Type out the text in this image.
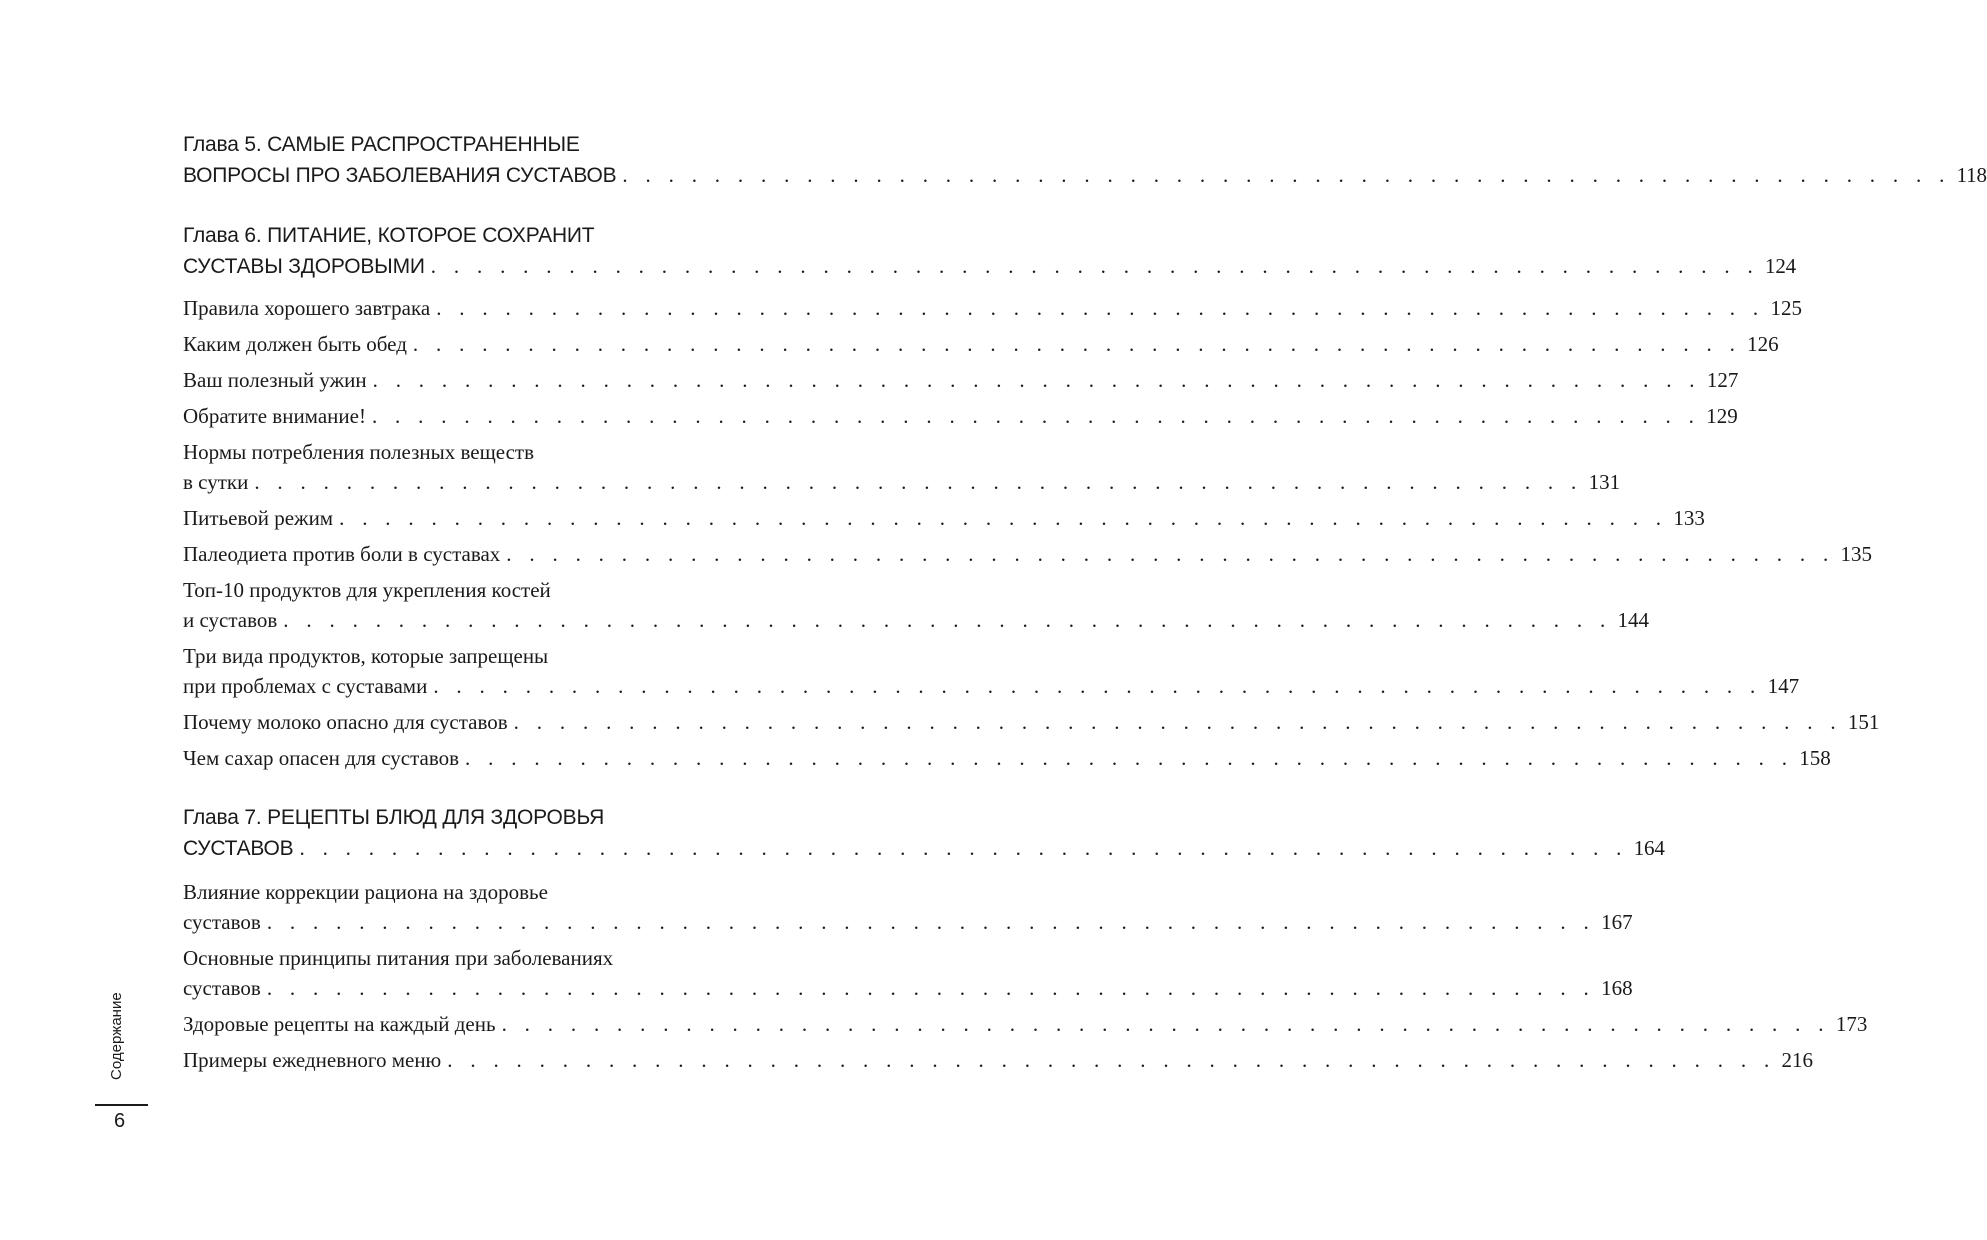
Глава 5. САМЫЕ РАСПРОСТРАНЕННЫЕ
ВОПРОСЫ ПРО ЗАБОЛЕВАНИЯ СУСТАВОВ . . . . . . . . . . . . . . . . . . . . . . . . . . . . . . . . . . . . . . . . . . . . . . . . . . . . . . . . . . 118
Глава 6. ПИТАНИЕ, КОТОРОЕ СОХРАНИТ
СУСТАВЫ ЗДОРОВЫМИ . . . . . . . . . . . . . . . . . . . . . . . . . . . . . . . . . . . . . . . . . . . . . . . . . . . . . . . . . . 124
Правила хорошего завтрака . . . . . . . . . . . . . . . . . . . . . . . . . . . . . . . . . . . . . . . . . . . . . . . . . . . . . . . . . . 125
Каким должен быть обед . . . . . . . . . . . . . . . . . . . . . . . . . . . . . . . . . . . . . . . . . . . . . . . . . . . . . . . . . . 126
Ваш полезный ужин . . . . . . . . . . . . . . . . . . . . . . . . . . . . . . . . . . . . . . . . . . . . . . . . . . . . . . . . . . 127
Обратите внимание! . . . . . . . . . . . . . . . . . . . . . . . . . . . . . . . . . . . . . . . . . . . . . . . . . . . . . . . . . . 129
Нормы потребления полезных веществ
в сутки . . . . . . . . . . . . . . . . . . . . . . . . . . . . . . . . . . . . . . . . . . . . . . . . . . . . . . . . . . 131
Питьевой режим . . . . . . . . . . . . . . . . . . . . . . . . . . . . . . . . . . . . . . . . . . . . . . . . . . . . . . . . . . 133
Палеодиета против боли в суставах . . . . . . . . . . . . . . . . . . . . . . . . . . . . . . . . . . . . . . . . . . . . . . . . . . . . . . . . . . 135
Топ-10 продуктов для укрепления костей
и суставов . . . . . . . . . . . . . . . . . . . . . . . . . . . . . . . . . . . . . . . . . . . . . . . . . . . . . . . . . . 144
Три вида продуктов, которые запрещены
при проблемах с суставами . . . . . . . . . . . . . . . . . . . . . . . . . . . . . . . . . . . . . . . . . . . . . . . . . . . . . . . . . . 147
Почему молоко опасно для суставов . . . . . . . . . . . . . . . . . . . . . . . . . . . . . . . . . . . . . . . . . . . . . . . . . . . . . . . . . . 151
Чем сахар опасен для суставов . . . . . . . . . . . . . . . . . . . . . . . . . . . . . . . . . . . . . . . . . . . . . . . . . . . . . . . . . . 158
Глава 7. РЕЦЕПТЫ БЛЮД ДЛЯ ЗДОРОВЬЯ
СУСТАВОВ . . . . . . . . . . . . . . . . . . . . . . . . . . . . . . . . . . . . . . . . . . . . . . . . . . . . . . . . . . 164
Влияние коррекции рациона на здоровье
суставов . . . . . . . . . . . . . . . . . . . . . . . . . . . . . . . . . . . . . . . . . . . . . . . . . . . . . . . . . . 167
Основные принципы питания при заболеваниях
суставов . . . . . . . . . . . . . . . . . . . . . . . . . . . . . . . . . . . . . . . . . . . . . . . . . . . . . . . . . . 168
Здоровые рецепты на каждый день . . . . . . . . . . . . . . . . . . . . . . . . . . . . . . . . . . . . . . . . . . . . . . . . . . . . . . . . . . 173
Примеры ежедневного меню . . . . . . . . . . . . . . . . . . . . . . . . . . . . . . . . . . . . . . . . . . . . . . . . . . . . . . . . . . 216
Содержание
6
